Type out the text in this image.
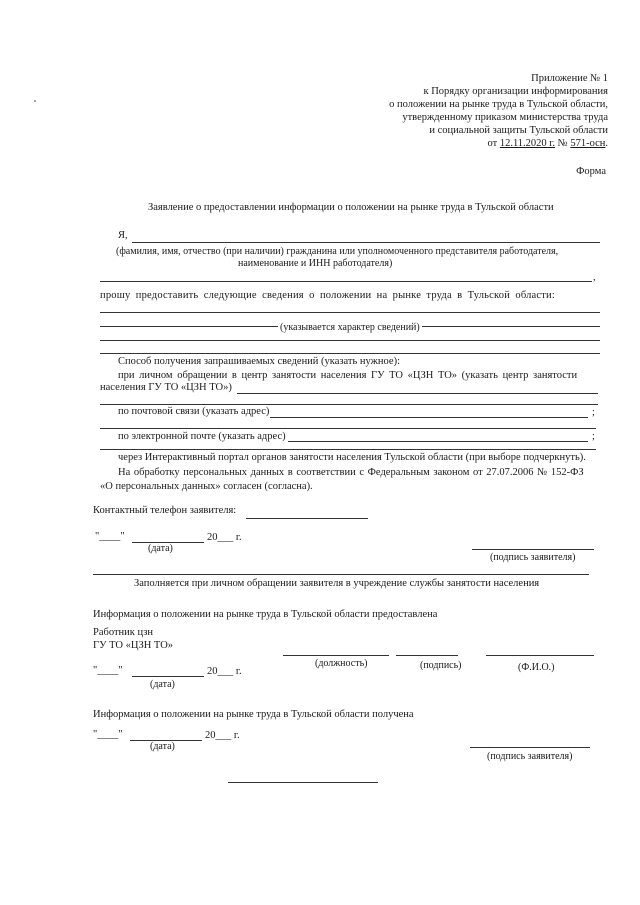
Приложение № 1
к Порядку организации информирования
о положении на рынке труда в Тульской области,
утвержденному приказом министерства труда
и социальной защиты Тульской области
от 12.11.2020 г. № 571-осн.
Форма
Заявление о предоставлении информации о положении на рынке труда в Тульской области
Я,
(фамилия, имя, отчество (при наличии) гражданина или уполномоченного представителя работодателя,
наименование и ИНН работодателя)
,
прошу предоставить следующие сведения о положении на рынке труда в Тульской области:
(указывается характер сведений)
Способ получения запрашиваемых сведений (указать нужное):
при личном обращении в центр занятости населения ГУ ТО «ЦЗН ТО» (указать центр занятости
населения ГУ ТО «ЦЗН ТО»)
по почтовой связи (указать адрес)	;
по электронной почте (указать адрес)	;
через Интерактивный портал органов занятости населения Тульской области (при выборе подчеркнуть).
На обработку персональных данных в соответствии с Федеральным законом от 27.07.2006 № 152-ФЗ
«О персональных данных» согласен (согласна).
Контактный телефон заявителя:
"____"	20___ г.
(дата)
(подпись заявителя)
Заполняется при личном обращении заявителя в учреждение службы занятости населения
Информация о положении на рынке труда в Тульской области предоставлена
Работник цзн
ГУ ТО «ЦЗН ТО»
(должность)	(подпись)	(Ф.И.О.)
"____"	20___ г.
(дата)
Информация о положении на рынке труда в Тульской области получена
"____"	20___ г.
(дата)
(подпись заявителя)
